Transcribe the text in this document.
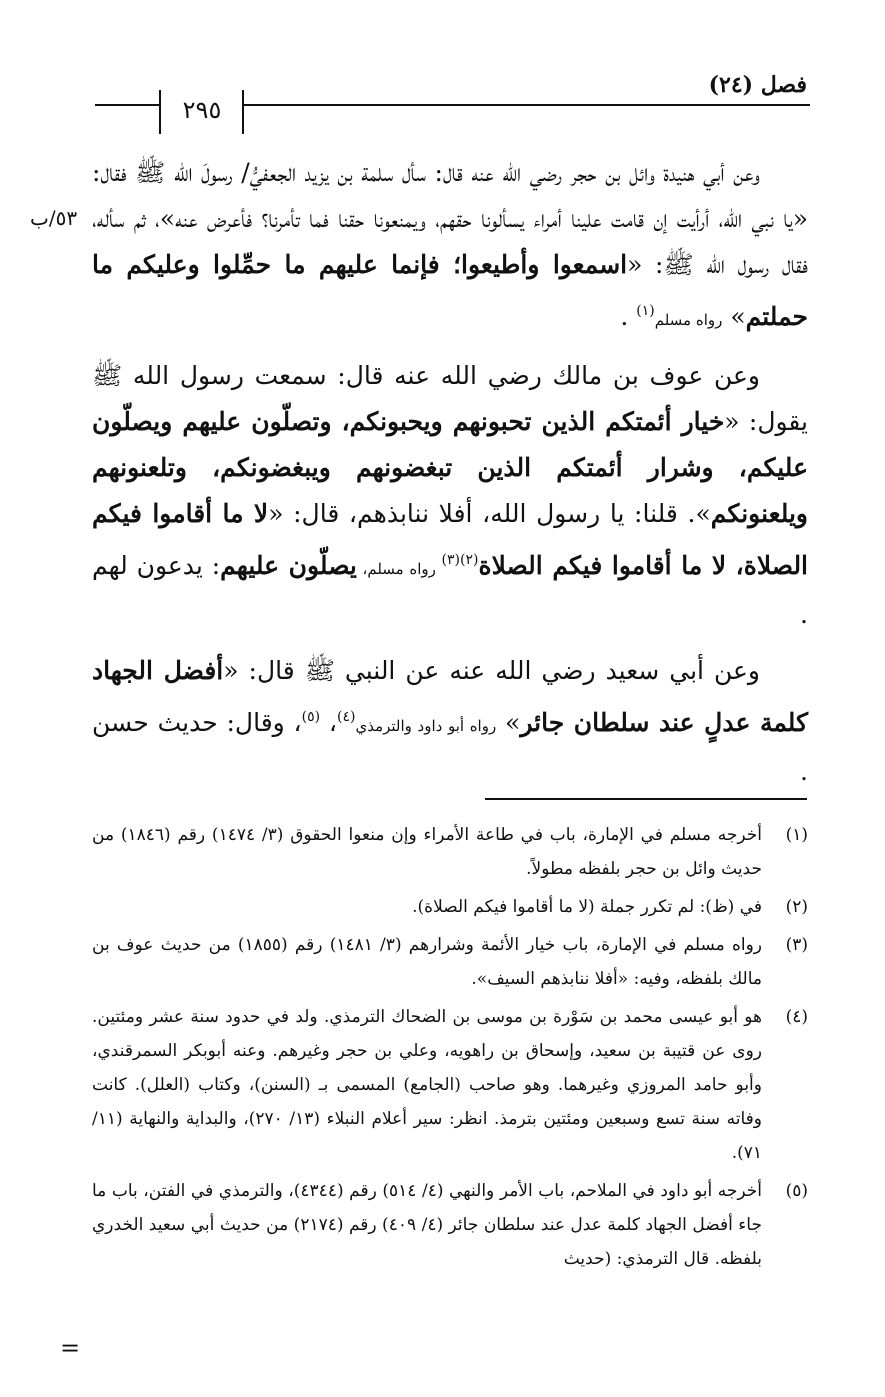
فصل (٢٤)
٢٩٥
٥٣/ب

وعن أبي هنيدة وائل بن حجر رضي الله عنه قال: سأل سلمة بن يزيد الجعفيُّ/ رسولَ الله ﷺ فقال: «يا نبي الله، أرأيت إن قامت علينا أمراء يسألونا حقهم، ويمنعونا حقنا فما تأمرنا؟ فأعرض عنه»، ثم سأله، فقال رسول الله ﷺ: «اسمعوا وأطيعوا؛ فإنما عليهم ما حمِّلوا وعليكم ما حملتم» رواه مسلم$^{(١)}$ .

وعن عوف بن مالك رضي الله عنه قال: سمعت رسول الله ﷺ يقول: «خيار أئمتكم الذين تحبونهم ويحبونكم، وتصلّون عليهم ويصلّون عليكم، وشرار أئمتكم الذين تبغضونهم ويبغضونكم، وتلعنونهم ويلعنونكم». قلنا: يا رسول الله، أفلا ننابذهم، قال: «لا ما أقاموا فيكم الصلاة، لا ما أقاموا فيكم الصلاة$^{(٢)(٣)}$ رواه مسلم، يصلّون عليهم: يدعون لهم .

وعن أبي سعيد رضي الله عنه عن النبي ﷺ قال: «أفضل الجهاد كلمة عدلٍ عند سلطان جائر» رواه أبو داود والترمذي$^{(٤)}$، $^{(٥)}$، وقال: حديث حسن .

(١)
أخرجه مسلم في الإمارة، باب في طاعة الأمراء وإن منعوا الحقوق (٣/ ١٤٧٤) رقم (١٨٤٦) من حديث وائل بن حجر بلفظه مطولاً.
(٢)
في (ظ): لم تكرر جملة (لا ما أقاموا فيكم الصلاة).
(٣)
رواه مسلم في الإمارة، باب خيار الأئمة وشرارهم (٣/ ١٤٨١) رقم (١٨٥٥) من حديث عوف بن مالك بلفظه، وفيه: «أفلا ننابذهم السيف».
(٤)
هو أبو عيسى محمد بن سَوْرة بن موسى بن الضحاك الترمذي. ولد في حدود سنة عشر ومئتين. روى عن قتيبة بن سعيد، وإسحاق بن راهويه، وعلي بن حجر وغيرهم. وعنه أبوبكر السمرقندي، وأبو حامد المروزي وغيرهما. وهو صاحب (الجامع) المسمى بـ (السنن)، وكتاب (العلل). كانت وفاته سنة تسع وسبعين ومئتين بترمذ. انظر: سير أعلام النبلاء (١٣/ ٢٧٠)، والبداية والنهاية (١١/ ٧١).
(٥)
أخرجه أبو داود في الملاحم، باب الأمر والنهي (٤/ ٥١٤) رقم (٤٣٤٤)، والترمذي في الفتن، باب ما جاء أفضل الجهاد كلمة عدل عند سلطان جائر (٤/ ٤٠٩) رقم (٢١٧٤) من حديث أبي سعيد الخدري بلفظه. قال الترمذي: (حديث
=
